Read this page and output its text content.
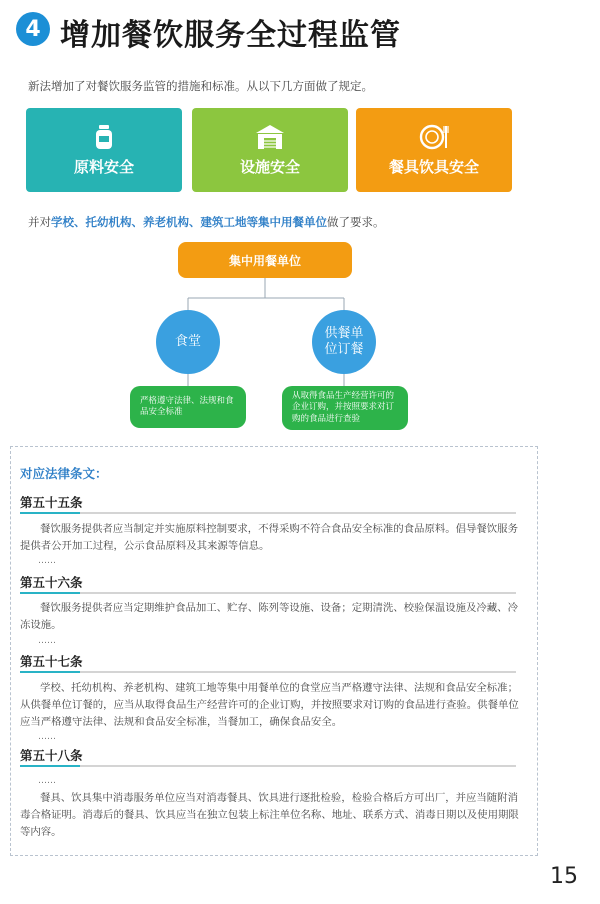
4 增加餐饮服务全过程监管
新法增加了对餐饮服务监管的措施和标准。从以下几方面做了规定。
原料安全	设施安全	餐具饮具安全
并对学校、托幼机构、养老机构、建筑工地等集中用餐单位做了要求。
集中用餐单位
食堂
供餐单位订餐
严格遵守法律、法规和食品安全标准
从取得食品生产经营许可的企业订购，并按照要求对订购的食品进行查验
对应法律条文：
第五十五条
餐饮服务提供者应当制定并实施原料控制要求，不得采购不符合食品安全标准的食品原料。倡导餐饮服务提供者公开加工过程，公示食品原料及其来源等信息。
……
第五十六条
餐饮服务提供者应当定期维护食品加工、贮存、陈列等设施、设备；定期清洗、校验保温设施及冷藏、冷冻设施。
……
第五十七条
学校、托幼机构、养老机构、建筑工地等集中用餐单位的食堂应当严格遵守法律、法规和食品安全标准；从供餐单位订餐的，应当从取得食品生产经营许可的企业订购，并按照要求对订购的食品进行查验。供餐单位应当严格遵守法律、法规和食品安全标准，当餐加工，确保食品安全。
……
第五十八条
……
餐具、饮具集中消毒服务单位应当对消毒餐具、饮具进行逐批检验，检验合格后方可出厂，并应当随附消毒合格证明。消毒后的餐具、饮具应当在独立包装上标注单位名称、地址、联系方式、消毒日期以及使用期限等内容。
15
